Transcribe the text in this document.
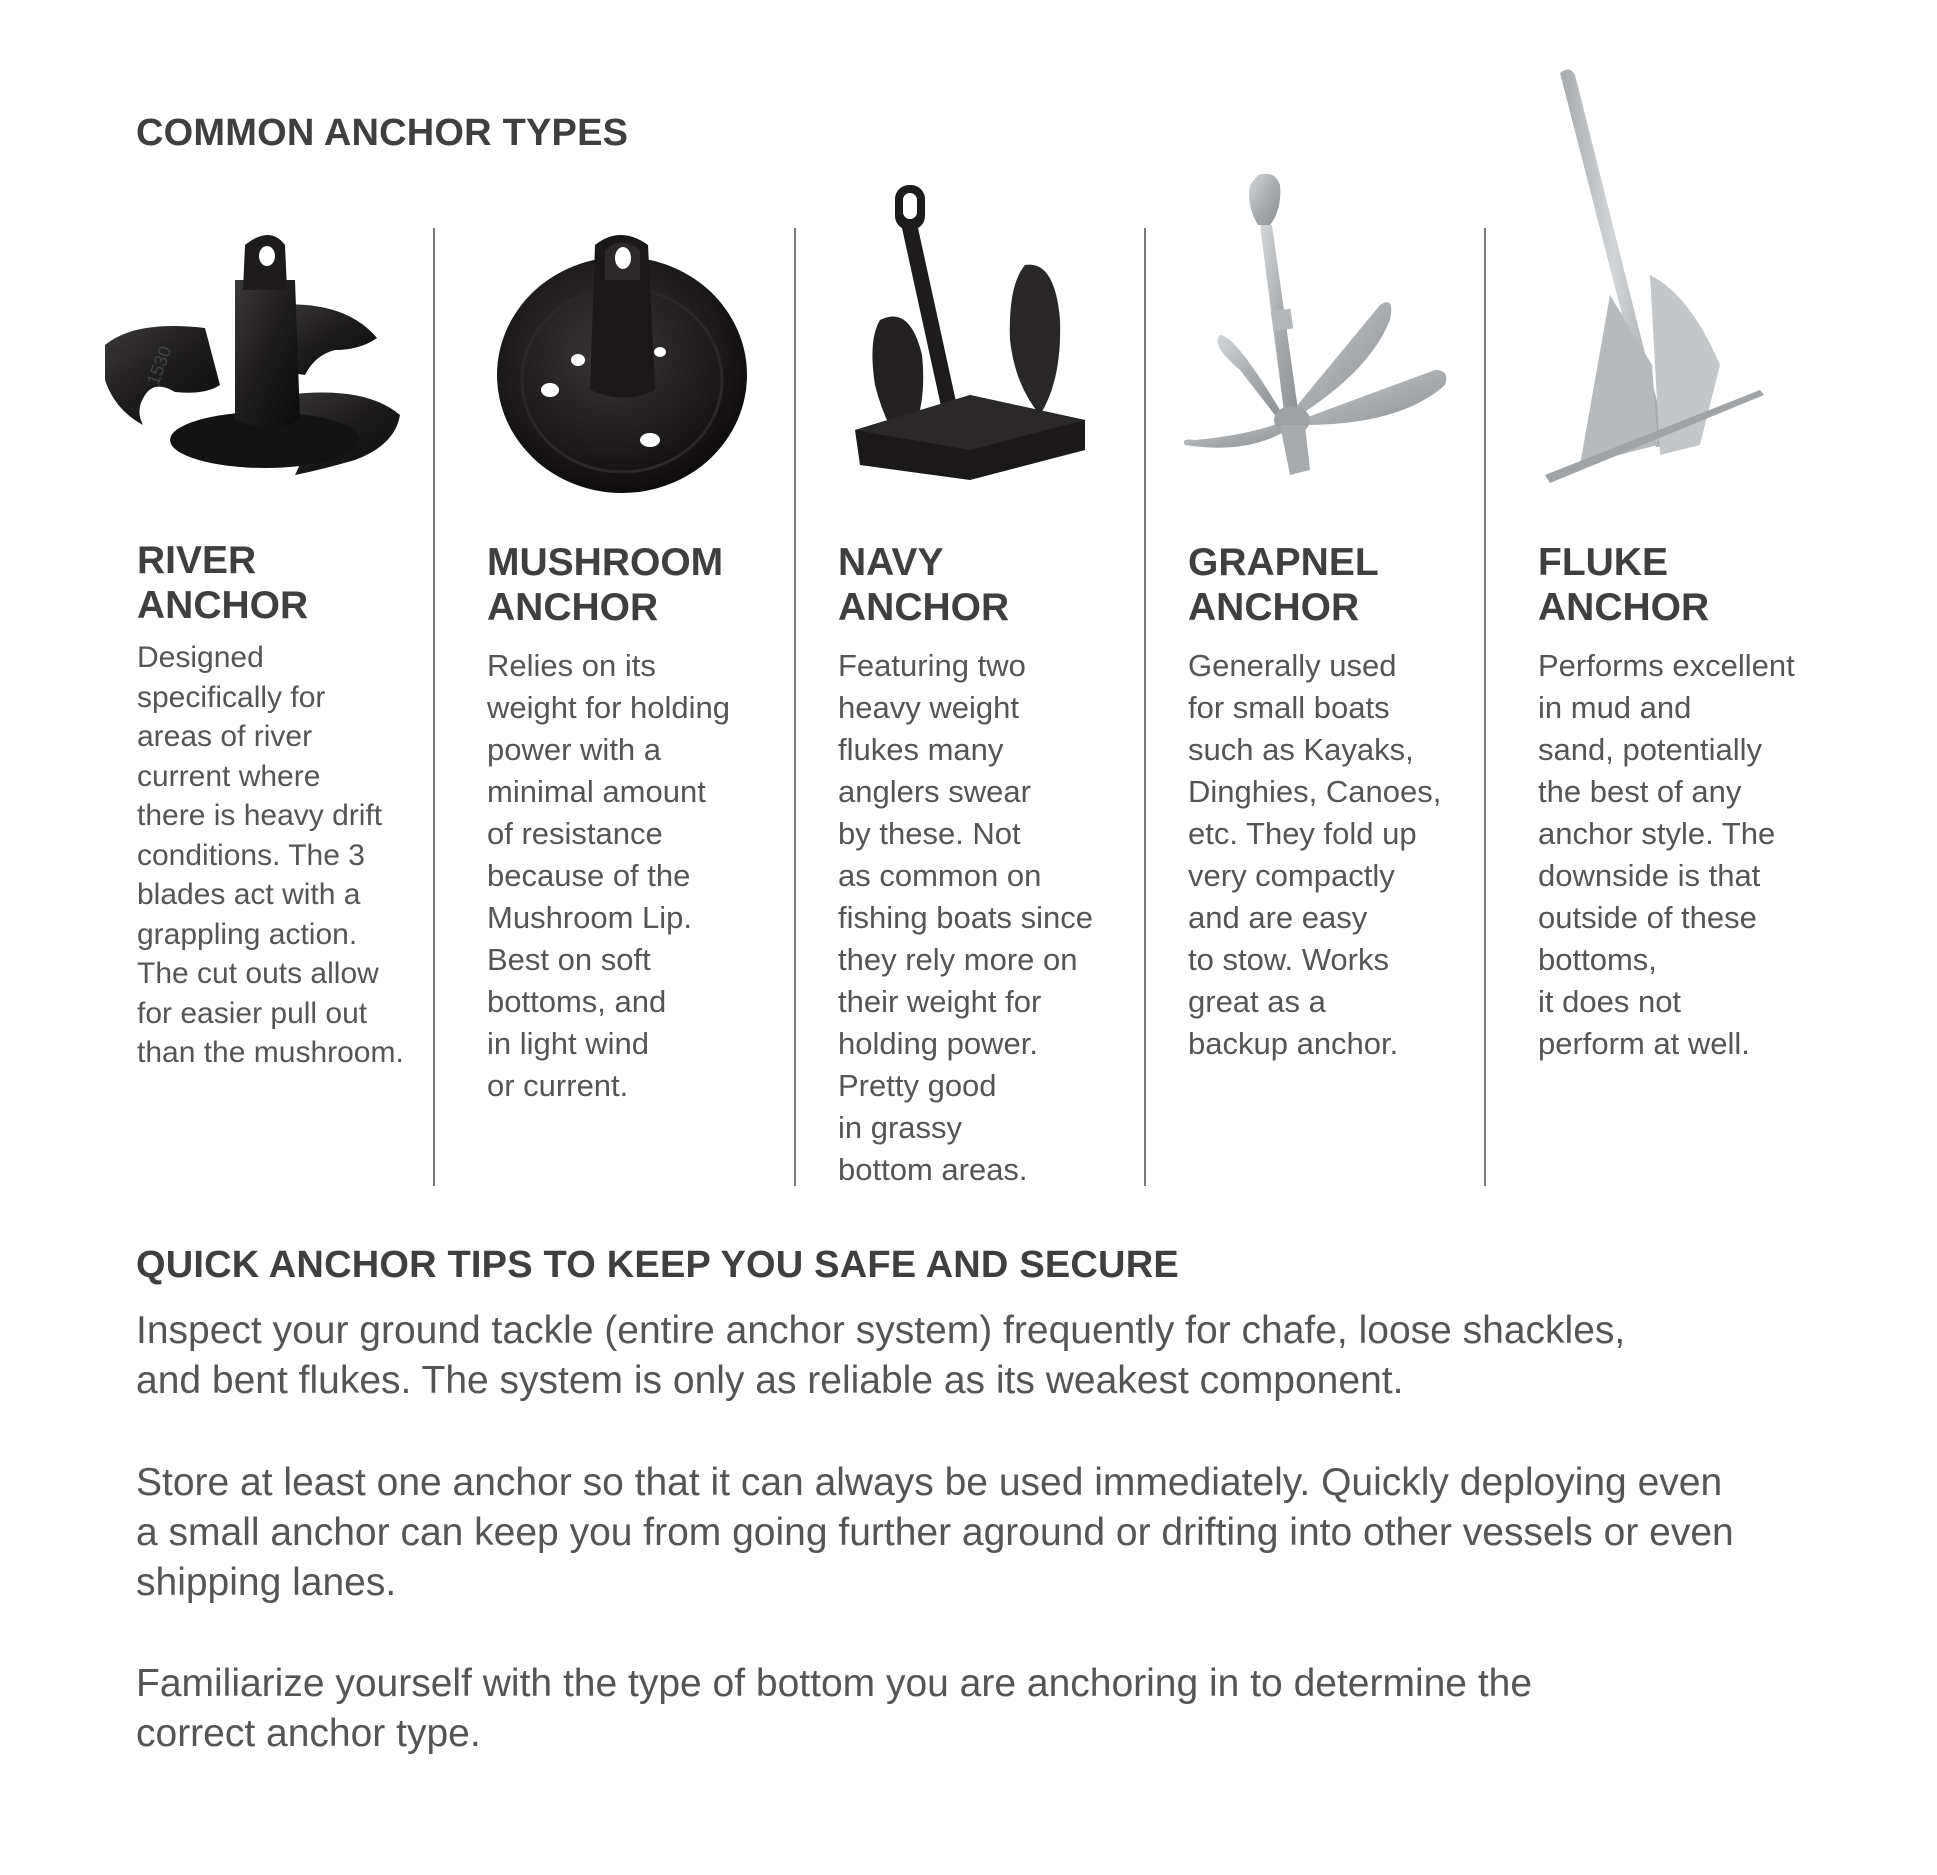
COMMON ANCHOR TYPES
1530
RIVER
ANCHOR
MUSHROOM
ANCHOR
NAVY
ANCHOR
GRAPNEL
ANCHOR
FLUKE
ANCHOR

Designed
specifically for
areas of river
current where
there is heavy drift
conditions. The 3
blades act with a
grappling action.
The cut outs allow
for easier pull out
than the mushroom.

Relies on its
weight for holding
power with a
minimal amount
of resistance
because of the
Mushroom Lip.
Best on soft
bottoms, and
in light wind
or current.

Featuring two
heavy weight
flukes many
anglers swear
by these. Not
as common on
fishing boats since
they rely more on
their weight for
holding power.
Pretty good
in grassy
bottom areas.

Generally used
for small boats
such as Kayaks,
Dinghies, Canoes,
etc. They fold up
very compactly
and are easy
to stow. Works
great as a
backup anchor.

Performs excellent
in mud and
sand, potentially
the best of any
anchor style. The
downside is that
outside of these
bottoms,
it does not
perform at well.

QUICK ANCHOR TIPS TO KEEP YOU SAFE AND SECURE

Inspect your ground tackle (entire anchor system) frequently for chafe, loose shackles,
and bent flukes. The system is only as reliable as its weakest component.

Store at least one anchor so that it can always be used immediately. Quickly deploying even
a small anchor can keep you from going further aground or drifting into other vessels or even
shipping lanes.

Familiarize yourself with the type of bottom you are anchoring in to determine the
correct anchor type.
